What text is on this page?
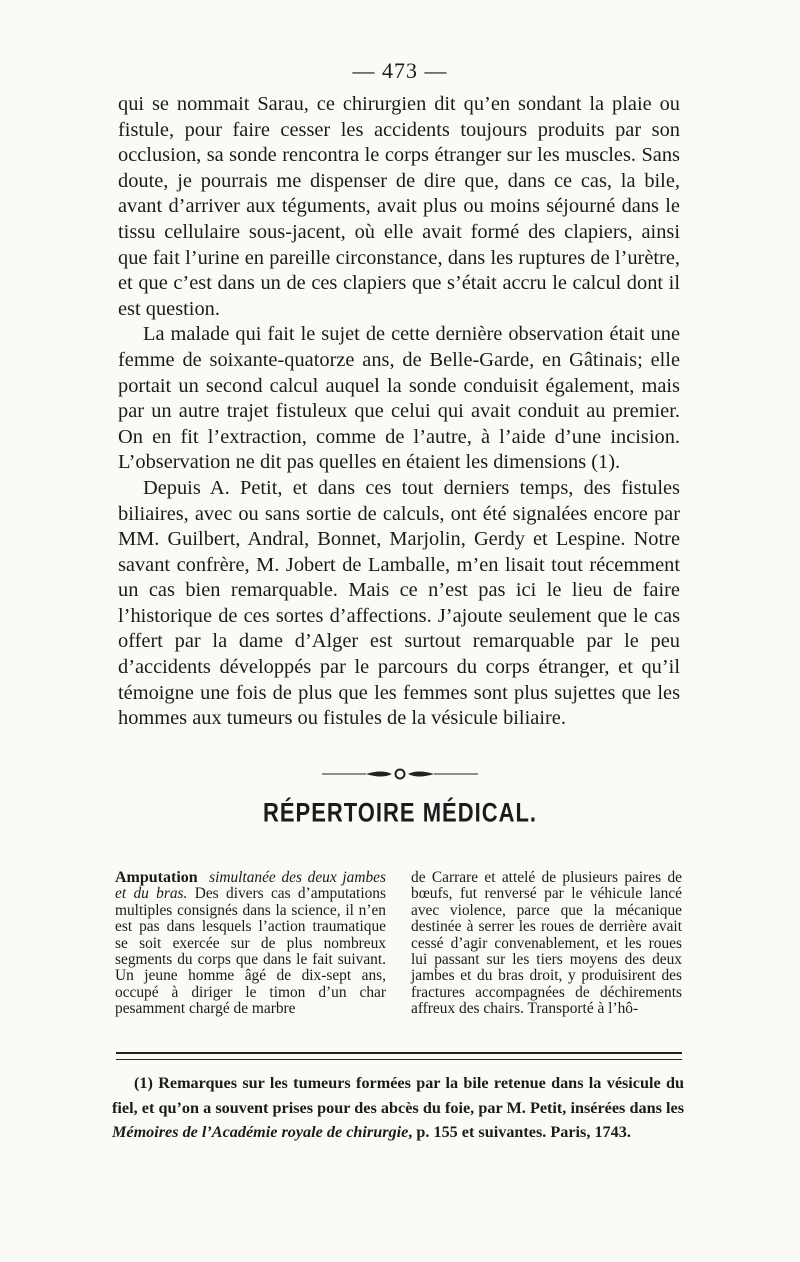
— 473 —

qui se nommait Sarau, ce chirurgien dit qu’en sondant la plaie ou fistule, pour faire cesser les accidents toujours produits par son occlusion, sa sonde rencontra le corps étranger sur les muscles. Sans doute, je pourrais me dispenser de dire que, dans ce cas, la bile, avant d’arriver aux téguments, avait plus ou moins séjourné dans le tissu cellulaire sous-jacent, où elle avait formé des clapiers, ainsi que fait l’urine en pareille circonstance, dans les ruptures de l’urètre, et que c’est dans un de ces clapiers que s’était accru le calcul dont il est question.

La malade qui fait le sujet de cette dernière observation était une femme de soixante-quatorze ans, de Belle-Garde, en Gâtinais; elle portait un second calcul auquel la sonde conduisit également, mais par un autre trajet fistuleux que celui qui avait conduit au premier. On en fit l’extraction, comme de l’autre, à l’aide d’une incision. L’observation ne dit pas quelles en étaient les dimensions (1).

Depuis A. Petit, et dans ces tout derniers temps, des fistules biliaires, avec ou sans sortie de calculs, ont été signalées encore par MM. Guilbert, Andral, Bonnet, Marjolin, Gerdy et Lespine. Notre savant confrère, M. Jobert de Lamballe, m’en lisait tout récemment un cas bien remarquable. Mais ce n’est pas ici le lieu de faire l’historique de ces sortes d’affections. J’ajoute seulement que le cas offert par la dame d’Alger est surtout remarquable par le peu d’accidents développés par le parcours du corps étranger, et qu’il témoigne une fois de plus que les femmes sont plus sujettes que les hommes aux tumeurs ou fistules de la vésicule biliaire.

RÉPERTOIRE MÉDICAL.

Amputation simultanée des deux jambes et du bras. Des divers cas d’amputations multiples consignés dans la science, il n’en est pas dans lesquels l’action traumatique se soit exercée sur de plus nombreux segments du corps que dans le fait suivant. Un jeune homme âgé de dix-sept ans, occupé à diriger le timon d’un char pesamment chargé de marbre

de Carrare et attelé de plusieurs paires de bœufs, fut renversé par le véhicule lancé avec violence, parce que la mécanique destinée à serrer les roues de derrière avait cessé d’agir convenablement, et les roues lui passant sur les tiers moyens des deux jambes et du bras droit, y produisirent des fractures accompagnées de déchirements affreux des chairs. Transporté à l’hô-

(1) Remarques sur les tumeurs formées par la bile retenue dans la vésicule du fiel, et qu’on a souvent prises pour des abcès du foie, par M. Petit, insérées dans les Mémoires de l’Académie royale de chirurgie, p. 155 et suivantes. Paris, 1743.
